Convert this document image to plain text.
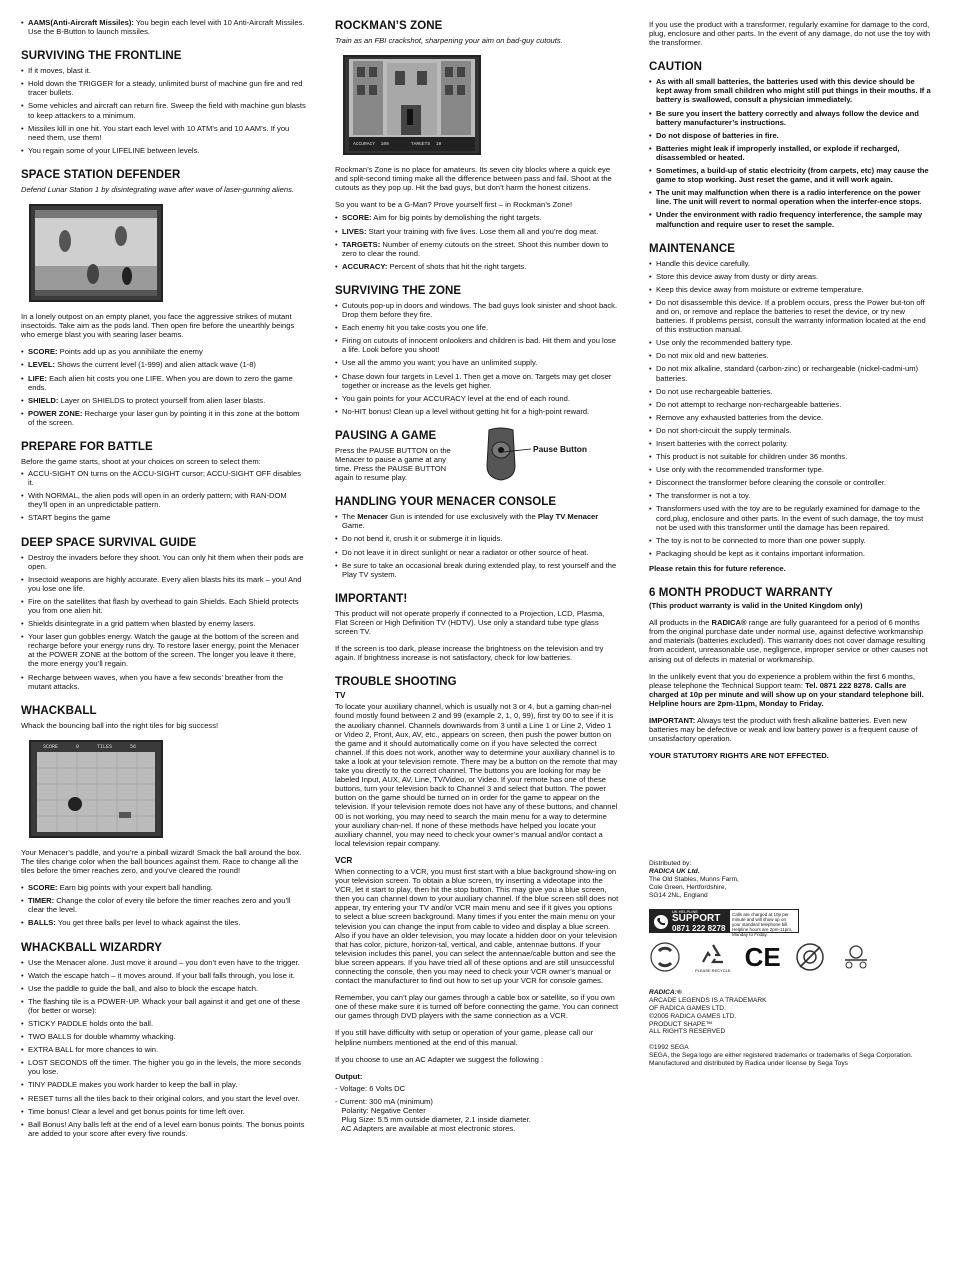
• AAMS(Anti-Aircraft Missiles): You begin each level with 10 Anti-Aircraft Missiles. Use the B-Button to launch missiles.
SURVIVING THE FRONTLINE
• If it moves, blast it.
• Hold down the TRIGGER for a steady, unlimited burst of machine gun fire and red tracer bullets.
• Some vehicles and aircraft can return fire. Sweep the field with machine gun blasts to keep attackers to a minimum.
• Missiles kill in one hit. You start each level with 10 ATM’s and 10 AAM’s. If you need them, use them!
• You regain some of your LIFELINE between levels.
SPACE STATION DEFENDER
Defend Lunar Station 1 by disintegrating wave after wave of laser-gunning aliens.

In a lonely outpost on an empty planet, you face the aggressive strikes of mutant insectoids. Take aim as the pods land. Then open fire before the unearthly beings who emerge blast you with searing laser beams.

• SCORE: Points add up as you annihilate the enemy
• LEVEL: Shows the current level (1-999) and alien attack wave (1-8)
• LIFE: Each alien hit costs you one LIFE. When you are down to zero the game ends.
• SHIELD: Layer on SHIELDS to protect yourself from alien laser blasts.
• POWER ZONE: Recharge your laser gun by pointing it in this zone at the bottom of the screen.
PREPARE FOR BATTLE

Before the game starts, shoot at your choices on screen to select them:

• ACCU-SIGHT ON turns on the ACCU-SIGHT cursor; ACCU-SIGHT OFF disables it.
• With NORMAL, the alien pods will open in an orderly pattern; with RAN-DOM they’ll open in an unpredictable pattern.
• START begins the game
DEEP SPACE SURVIVAL GUIDE
• Destroy the invaders before they shoot. You can only hit them when their pods are open.
• Insectoid weapons are highly accurate. Every alien blasts hits its mark – you! And you lose one life.
• Fire on the satellites that flash by overhead to gain Shields. Each Shield protects you from one alien hit.
• Shields disintegrate in a grid pattern when blasted by enemy lasers.
• Your laser gun gobbles energy. Watch the gauge at the bottom of the screen and recharge before your energy runs dry. To restore laser energy, point the Menacer at the POWER ZONE at the bottom of the screen. The longer you leave it there, the more energy you’ll regain.
• Recharge between waves, when you have a few seconds’ breather from the mutant attacks.
WHACKBALL
Whack the bouncing ball into the right tiles for big success!
SCORE      0      TILES      56

Your Menacer’s paddle, and you’re a pinball wizard! Smack the ball around the box. The tiles change color when the ball bounces against them. Race to change all the tiles before the timer reaches zero, and you’ve cleared the round!

• SCORE: Earn big points with your expert ball handling.
• TIMER: Change the color of every tile before the timer reaches zero and you’ll clear the level.
• BALLS: You get three balls per level to whack against the tiles.
WHACKBALL WIZARDRY
• Use the Menacer alone. Just move it around – you don’t even have to the trigger.
• Watch the escape hatch – it moves around. If your ball falls through, you lose it.
• Use the paddle to guide the ball, and also to block the escape hatch.
• The flashing tile is a POWER-UP. Whack your ball against it and get one of these (for better or worse):
• STICKY PADDLE holds onto the ball.
• TWO BALLS for double whammy whacking.
• EXTRA BALL for more chances to win.
• LOST SECONDS off the timer. The higher you go in the levels, the more seconds you lose.
• TINY PADDLE makes you work harder to keep the ball in play.
• RESET turns all the tiles back to their original colors, and you start the level over.
• Time bonus! Clear a level and get bonus points for time left over.
• Ball Bonus! Any balls left at the end of a level earn bonus points. The bonus points are added to your score after every five rounds.
ROCKMAN’S ZONE
Train as an FBI crackshot, sharpening your aim on bad-guy cutouts.
ACCURACY  100        TARGETS  10

Rockman’s Zone is no place for amateurs. Its seven city blocks where a quick eye and split-second timing make all the difference between pass and fail. Shoot at the cutouts as they pop up. Hit the bad guys, but don’t harm the honest citizens.

So you want to be a G-Man? Prove yourself first – in Rockman’s Zone!

• SCORE: Aim for big points by demolishing the right targets.
• LIVES: Start your training with five lives. Lose them all and you’re dog meat.
• TARGETS: Number of enemy cutouts on the street. Shoot this number down to zero to clear the round.
• ACCURACY: Percent of shots that hit the right targets.
SURVIVING THE ZONE
• Cutouts pop-up in doors and windows. The bad guys look sinister and shoot back. Drop them before they fire.
• Each enemy hit you take costs you one life.
• Firing on cutouts of innocent onlookers and children is bad. Hit them and you lose a life. Look before you shoot!
• Use all the ammo you want; you have an unlimited supply.
• Chase down four targets in Level 1. Then get a move on. Targets may get closer together or increase as the levels get higher.
• You gain points for your ACCURACY level at the end of each round.
• No-HIT bonus! Clean up a level without getting hit for a high-point reward.
PAUSING A GAME

Press the PAUSE BUTTON on the Menacer to pause a game at any time. Press the PAUSE BUTTON again to resume play.

Pause Button
HANDLING YOUR MENACER CONSOLE
• The Menacer Gun is intended for use exclusively with the Play TV Menacer Game.
• Do not bend it, crush it or submerge it in liquids.
• Do not leave it in direct sunlight or near a radiator or other source of heat.
• Be sure to take an occasional break during extended play, to rest yourself and the Play TV system.
IMPORTANT!

This product will not operate properly if connected to a Projection, LCD, Plasma, Flat Screen or High Definition TV (HDTV). Use only a standard tube type glass screen TV.

If the screen is too dark, please increase the brightness on the television and try again. If brightness increase is not satisfactory, check for low batteries.

TROUBLE SHOOTING
TV

To locate your auxiliary channel, which is usually not 3 or 4, but a gaming chan-nel found mostly found between 2 and 99 (example 2, 1, 0, 99), first try 00 to see if it is the auxiliary channel. Channels downwards from 3 until a Line 1 or Line 2, Video 1 or Video 2, Front, Aux, AV, etc., appears on screen, then push the power button on the game and it should automatically come on if you have selected the correct channel. If this does not work, another way to determine your auxiliary channel is to take a look at your television remote. There may be a button on the remote that may take you directly to the correct channel. The buttons you are looking for may be labeled Input, AUX, AV, Line, TV/Video, or Video. If your remote has one of these buttons, turn your television back to Channel 3 and select that button. The power button on the game should be turned on in order for the game to appear on the television. If your television remote does not have any of these buttons, and channel 00 is not working, you may need to search the main menu for a way to determine your auxiliary chan-nel. If none of these methods have helped you locate your auxiliary channel, you may need to check your owner’s manual and/or contact a local television repair company.

VCR

When connecting to a VCR, you must first start with a blue background show-ing on your television screen. To obtain a blue screen, try inserting a videotape into the VCR, let it start to play, then hit the stop button. This may give you a blue screen, then you can channel down to your auxiliary channel. If the blue screen still does not appear, try entering your TV and/or VCR main menu and see if it gives you options to select a blue screen background. Many times if you enter the main menu on your television you can change the input from cable to video and display a blue screen. Also if you have an older television, you may locate a hidden door on your television that has color, picture, horizon-tal, vertical, and cable, antennae buttons. If your television includes this panel, you can select the antennae/cable button and see the blue screen appears. If you have tried all of these options and are still unsuccessful connecting the console, then you may need to check your VCR owner’s manual or contact the manufacturer to find out how to set up your VCR for console games.

Remember, you can’t play our games through a cable box or satellite, so if you own one of these make sure it is turned off before connecting the game. You can connect our games through DVD players with the same connection as a VCR.

If you still have difficulty with setup or operation of your game, please call our helpline numbers mentioned at the end of this manual.

If you choose to use an AC Adapter we suggest the following :

Output:
- Voltage: 6 Volts DC
- Current: 300 mA (minimum)
Polarity: Negative Center
Plug Size: 5.5 mm outside diameter, 2.1 inside diameter.
AC Adapters are available at most electronic stores.

If you use the product with a transformer, regularly examine for damage to the cord, plug, enclosure and other parts. In the event of any damage, do not use the toy with the transformer.

CAUTION
• As with all small batteries, the batteries used with this device should be kept away from small children who might still put things in their mouths. If a battery is swallowed, consult a physician immediately.
• Be sure you insert the battery correctly and always follow the device and battery manufacturer’s instructions.
• Do not dispose of batteries in fire.
• Batteries might leak if improperly installed, or explode if recharged, disassembled or heated.
• Sometimes, a build-up of static electricity (from carpets, etc) may cause the game to stop working. Just reset the game, and it will work again.
• The unit may malfunction when there is a radio interference on the power line. The unit will revert to normal operation when the interfer-ence stops.
• Under the environment with radio frequency interference, the sample may malfunction and require user to reset the sample.
MAINTENANCE
• Handle this device carefully.
• Store this device away from dusty or dirty areas.
• Keep this device away from moisture or extreme temperature.
• Do not disassemble this device. If a problem occurs, press the Power but-ton off and on, or remove and replace the batteries to reset the device, or try new batteries. If problems persist, consult the warranty information located at the end of this instruction manual.
• Use only the recommended battery type.
• Do not mix old and new batteries.
• Do not mix alkaline, standard (carbon-zinc) or rechargeable (nickel-cadmi-um) batteries.
• Do not use rechargeable batteries.
• Do not attempt to recharge non-rechargeable batteries.
• Remove any exhausted batteries from the device.
• Do not short-circuit the supply terminals.
• Insert batteries with the correct polarity.
• This product is not suitable for children under 36 months.
• Use only with the recommended transformer type.
• Disconnect the transformer before cleaning the console or controller.
• The transformer is not a toy.
• Transformers used with the toy are to be regularly examined for damage to the cord,plug, enclosure and other parts. In the event of such damage, the toy must not be used with this transformer until the damage has been repaired.
• The toy is not to be connected to more than one power supply.
• Packaging should be kept as it contains important information.

Please retain this for future reference.

6 MONTH PRODUCT WARRANTY

(This product warranty is valid in the United Kingdom only)

All products in the RADICA® range are fully guaranteed for a period of 6 months from the original purchase date under normal use, against defective workmanship and materials (batteries excluded). This warranty does not cover damage resulting from accident, unreasonable use, negligence, improper service or other causes not arising out of defects in material or workmanship.

In the unlikely event that you do experience a problem within the first 6 months, please telephone the Technical Support team: Tel. 0871 222 8278. Calls are charged at 10p per minute and will show up on your standard telephone bill. Helpline hours are 2pm-11pm, Monday to Friday.

IMPORTANT: Always test the product with fresh alkaline batteries. Even new batteries may be defective or weak and low battery power is a frequent cause of unsatisfactory operation.

YOUR STATUTORY RIGHTS ARE NOT EFFECTED.

Distributed by:
RADICA UK Ltd.
The Old Stables, Munns Farm,
Cole Green, Hertfordshire,
SG14 2NL, England
UK HELPLINE
SUPPORT
0871 222 8278
Calls are charged at 10p per minute and will show up on your standard telephone bill. Helpline hours are 2pm-11pm, Monday to Friday.
PLEASE RECYCLE CE
RADICA:®
ARCADE LEGENDS IS A TRADEMARK
OF RADICA GAMES LTD.
©2005 RADICA GAMES LTD.
PRODUCT SHAPE™
ALL RIGHTS RESERVED
©1992 SEGA
SEGA, the Sega logo are either registered trademarks or trademarks of Sega Corporation.
Manufactured and distributed by Radica under license by Sega Toys
